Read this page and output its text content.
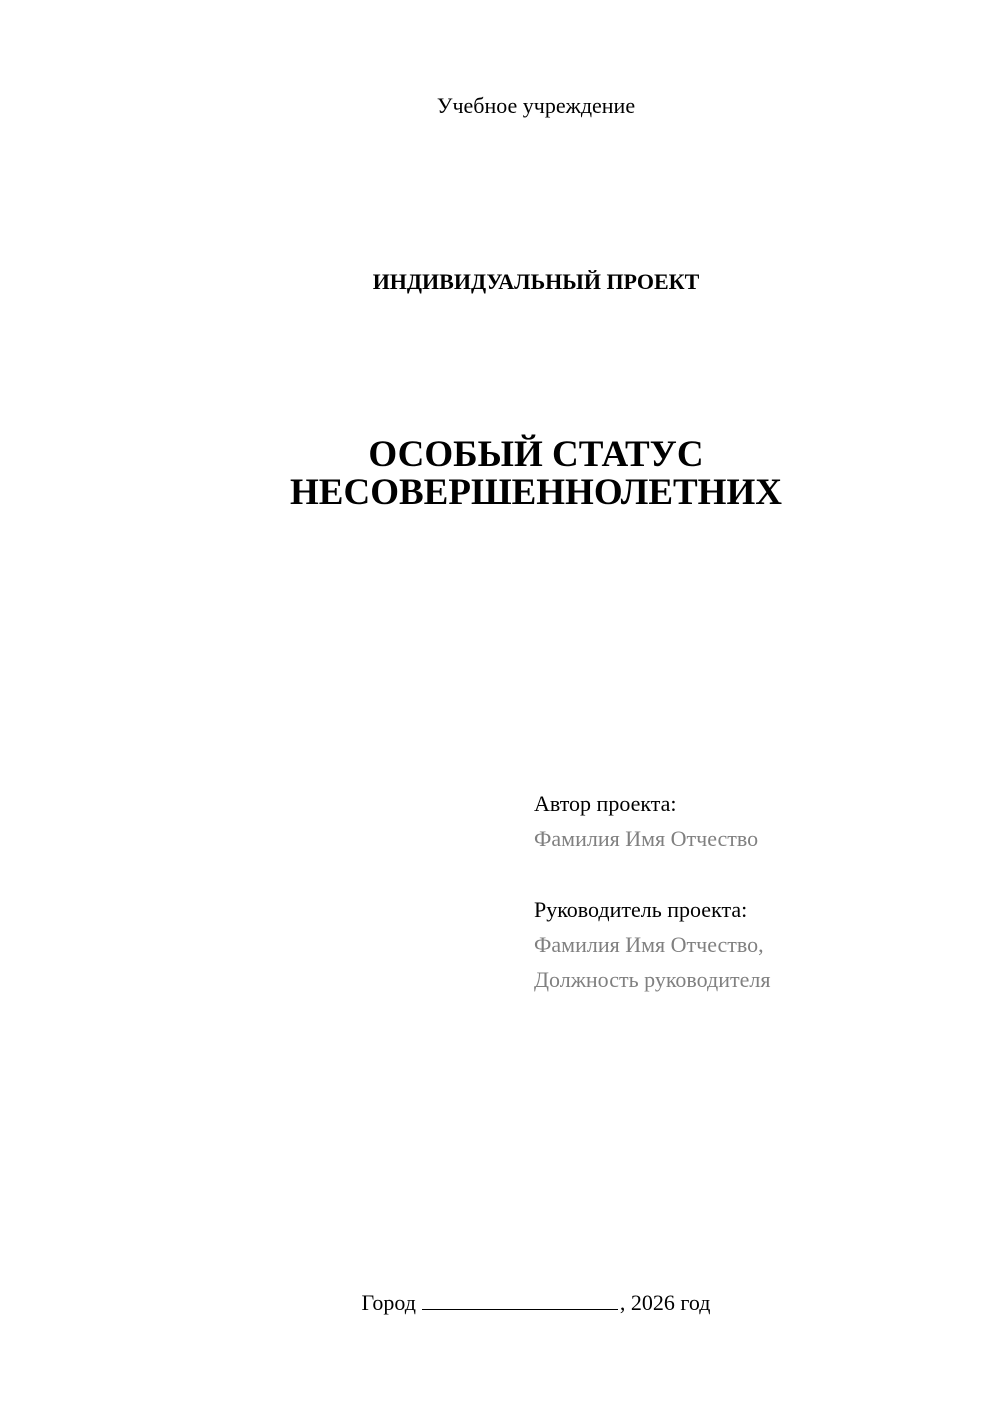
Учебное учреждение
ИНДИВИДУАЛЬНЫЙ ПРОЕКТ
ОСОБЫЙ СТАТУС
НЕСОВЕРШЕННОЛЕТНИХ
Автор проекта:
Фамилия Имя Отчество
Руководитель проекта:
Фамилия Имя Отчество,
Должность руководителя
Город	, 2026 год
